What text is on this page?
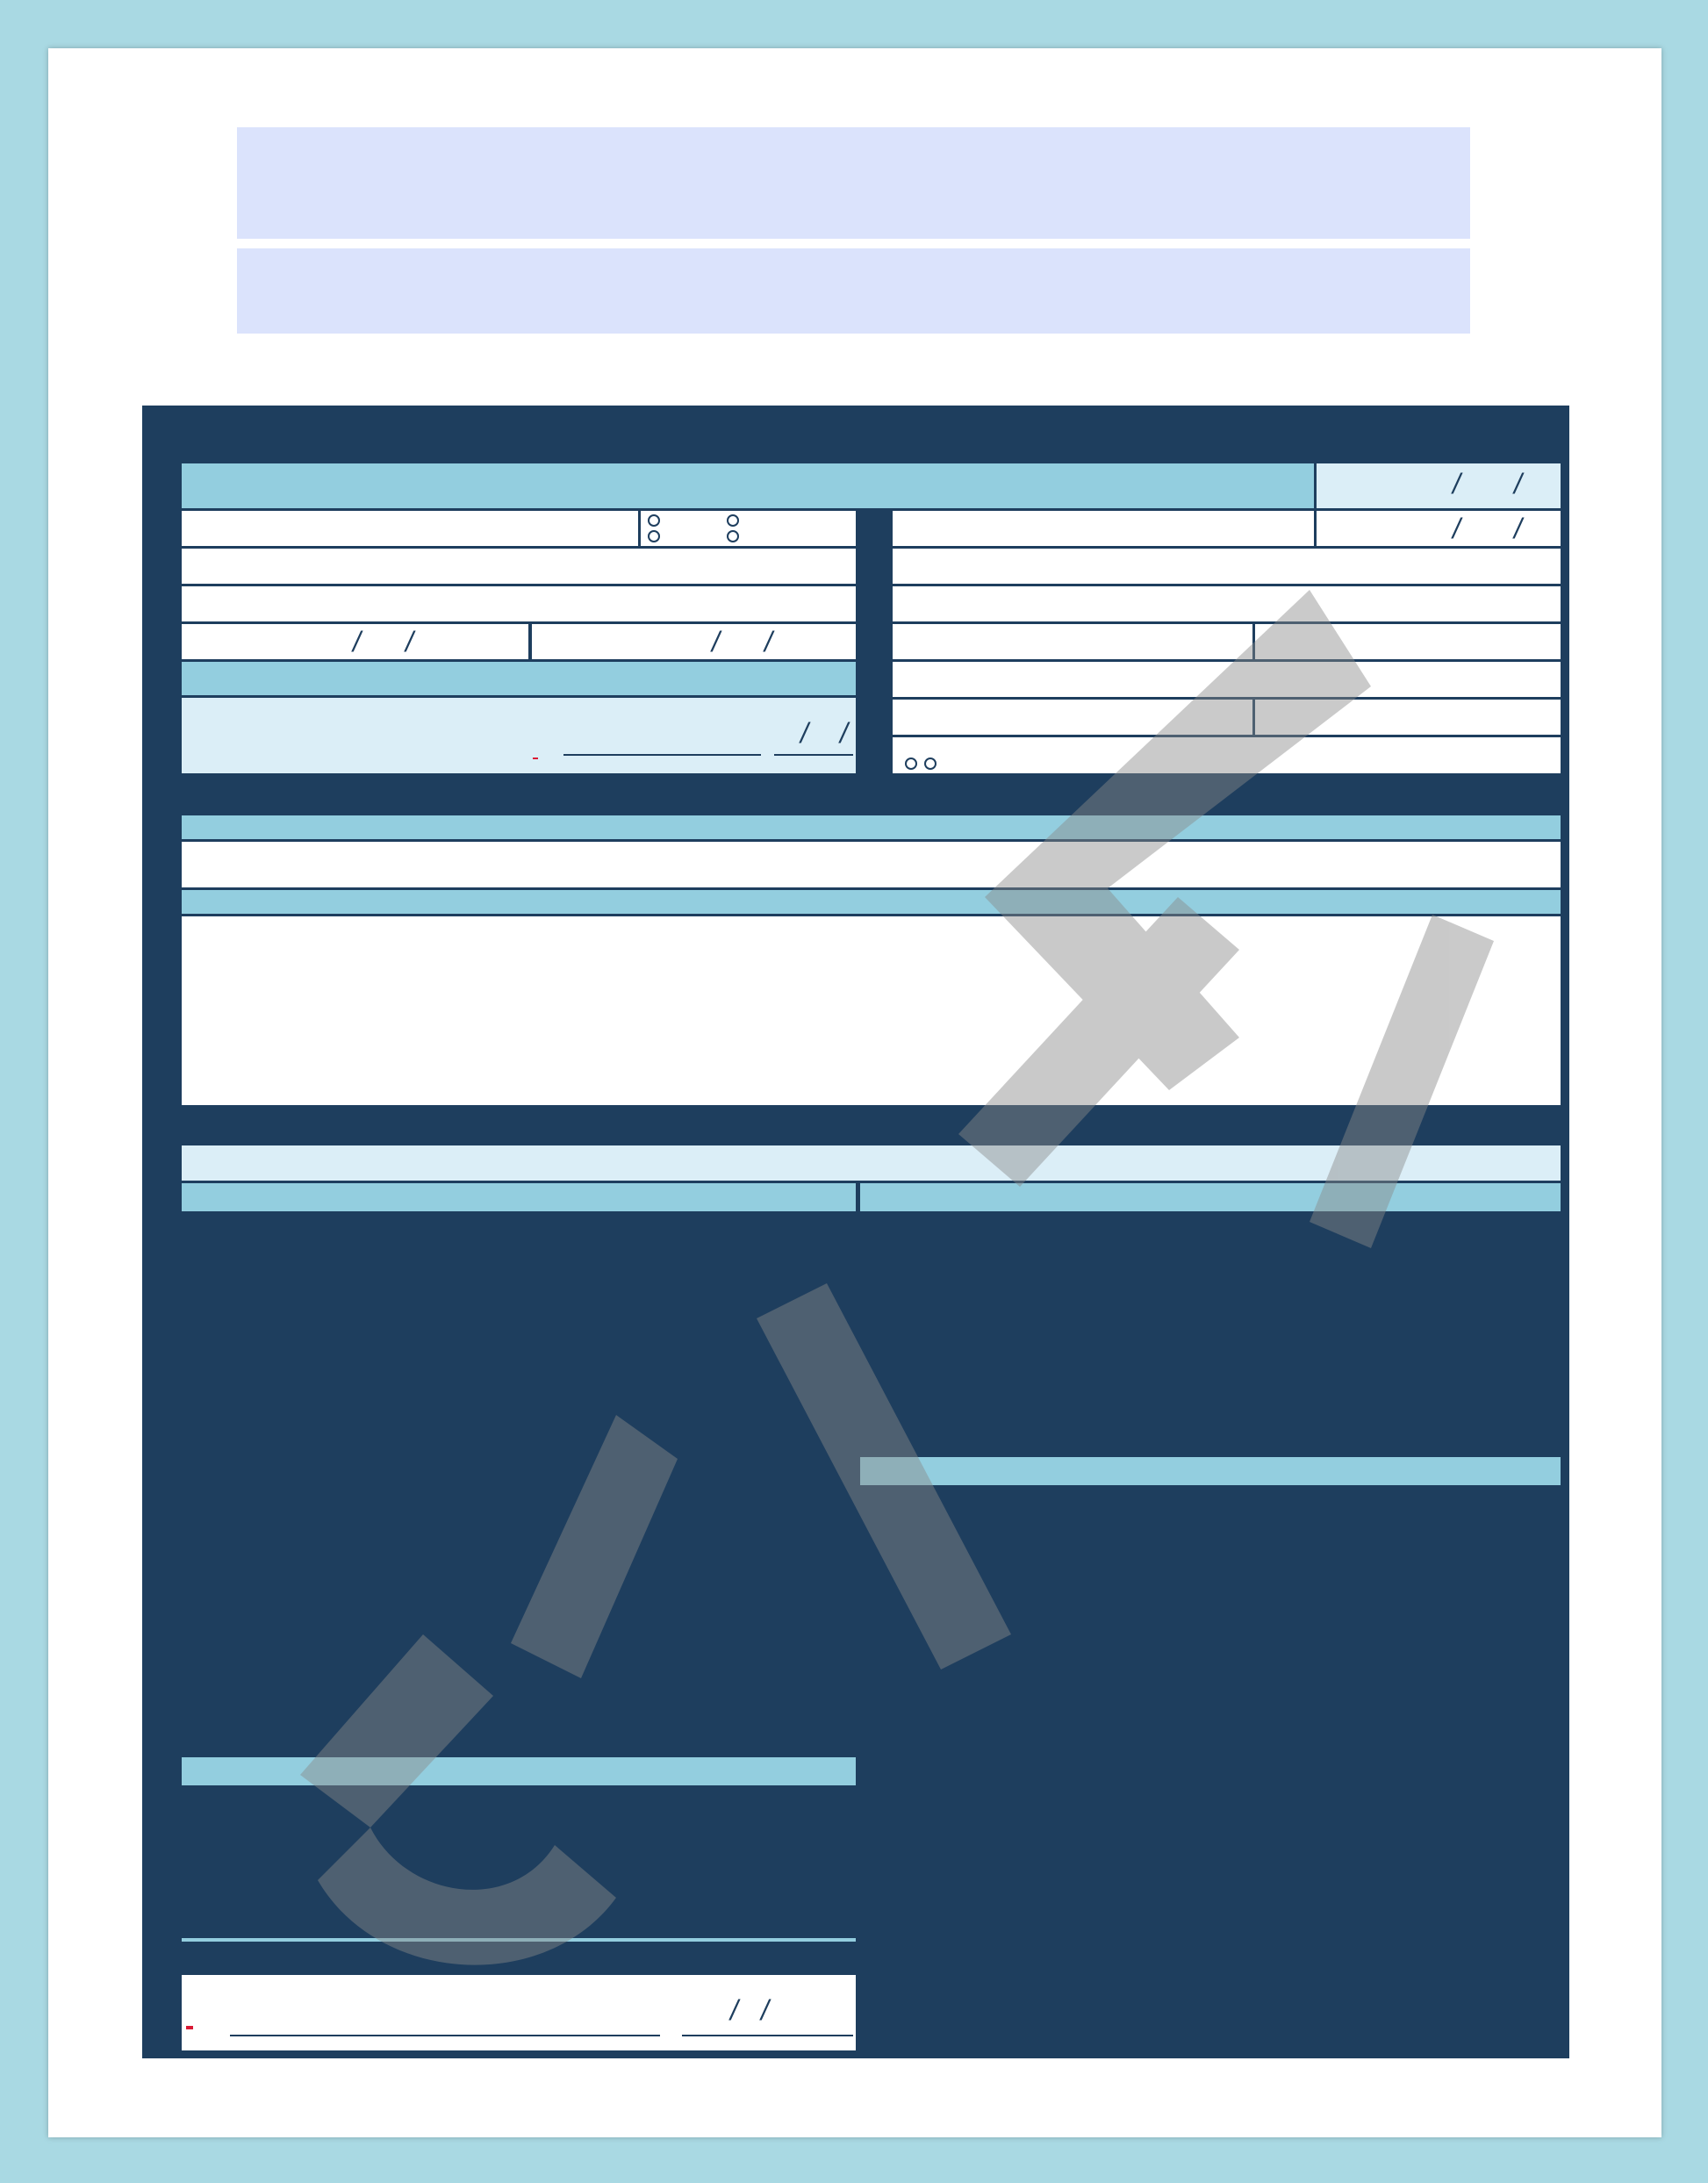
/ /
/ /	/ /
/ /
/ /

/ /
